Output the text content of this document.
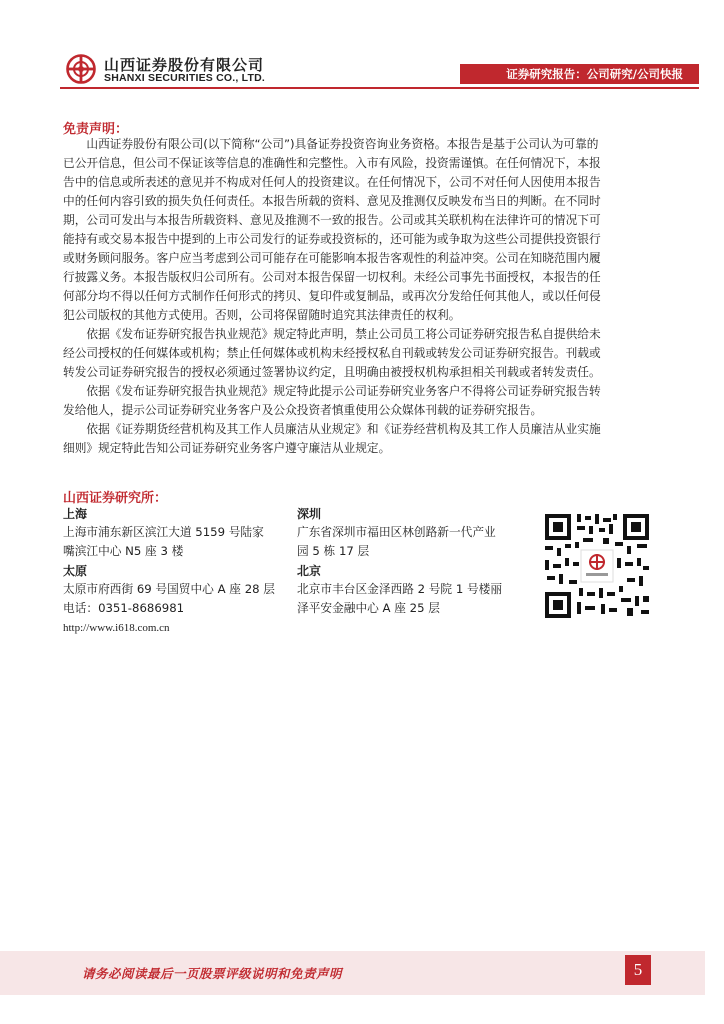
山西证券股份有限公司
SHANXI SECURITIES CO., LTD.	证券研究报告：公司研究/公司快报
免责声明：
　　山西证券股份有限公司(以下简称“公司”)具备证券投资咨询业务资格。本报告是基于公司认为可靠的
已公开信息，但公司不保证该等信息的准确性和完整性。入市有风险，投资需谨慎。在任何情况下，本报
告中的信息或所表述的意见并不构成对任何人的投资建议。在任何情况下，公司不对任何人因使用本报告
中的任何内容引致的损失负任何责任。本报告所载的资料、意见及推测仅反映发布当日的判断。在不同时
期，公司可发出与本报告所载资料、意见及推测不一致的报告。公司或其关联机构在法律许可的情况下可
能持有或交易本报告中提到的上市公司发行的证券或投资标的，还可能为或争取为这些公司提供投资银行
或财务顾问服务。客户应当考虑到公司可能存在可能影响本报告客观性的利益冲突。公司在知晓范围内履
行披露义务。本报告版权归公司所有。公司对本报告保留一切权利。未经公司事先书面授权，本报告的任
何部分均不得以任何方式制作任何形式的拷贝、复印件或复制品，或再次分发给任何其他人，或以任何侵
犯公司版权的其他方式使用。否则，公司将保留随时追究其法律责任的权利。
　　依据《发布证券研究报告执业规范》规定特此声明，禁止公司员工将公司证券研究报告私自提供给未
经公司授权的任何媒体或机构；禁止任何媒体或机构未经授权私自刊载或转发公司证券研究报告。刊载或
转发公司证券研究报告的授权必须通过签署协议约定，且明确由被授权机构承担相关刊载或者转发责任。
　　依据《发布证券研究报告执业规范》规定特此提示公司证券研究业务客户不得将公司证券研究报告转
发给他人，提示公司证券研究业务客户及公众投资者慎重使用公众媒体刊载的证券研究报告。
　　依据《证券期货经营机构及其工作人员廉洁从业规定》和《证券经营机构及其工作人员廉洁从业实施
细则》规定特此告知公司证券研究业务客户遵守廉洁从业规定。
山西证券研究所：
上海
上海市浦东新区滨江大道 5159 号陆家
嘴滨江中心 N5 座 3 楼
深圳
广东省深圳市福田区林创路新一代产业
园 5 栋 17 层
太原
太原市府西街 69 号国贸中心 A 座 28 层
电话：0351-8686981
北京
北京市丰台区金泽西路 2 号院 1 号楼丽
泽平安金融中心 A 座 25 层
http://www.i618.com.cn
请务必阅读最后一页股票评级说明和免责声明	5
